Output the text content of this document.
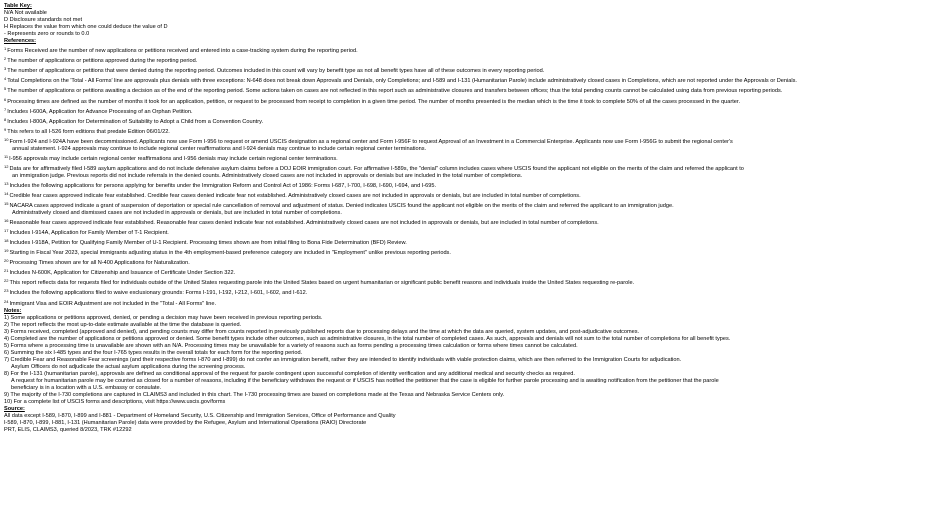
Table Key:
N/A Not available
D Disclosure standards not met
H Replaces the value from which one could deduce the value of D
- Represents zero or rounds to 0.0
References:
$^1$Forms Received are the number of new applications or petitions received and entered into a case-tracking system during the reporting period.
$^2$The number of applications or petitions approved during the reporting period.
$^3$The number of applications or petitions that were denied during the reporting period. Outcomes included in this count will vary by benefit type as not all benefit types have all of these outcomes in every reporting period.
$^4$Total Completions on the 'Total - All Forms' line are approvals plus denials with three exceptions: N-648 does not break down Approvals and Denials, only Completions; and I-589 and I-131 (Humanitarian Parole) include administratively closed cases in Completions, which are not reported under the Approvals or Denials.
$^5$The number of applications or petitions awaiting a decision as of the end of the reporting period. Some actions taken on cases are not reflected in this report such as administrative closures and transfers between offices; thus the total pending counts cannot be calculated using data from previous reporting periods.
$^6$Processing times are defined as the number of months it took for an application, petition, or request to be processed from receipt to completion in a given time period. The number of months presented is the median which is the time it took to complete 50% of all the cases processed in the quarter.
$^7$Includes I-600A, Application for Advance Processing of an Orphan Petition.
$^8$Includes I-800A, Application for Determination of Suitability to Adopt a Child from a Convention Country.
$^9$This refers to all I-526 form editions that predate Edition 06/01/22.
$^{10}$Form I-924 and I-924A have been decommissioned. Applicants now use Form I-956 to request or amend USCIS designation as a regional center and Form I-956F to request Approval of an Investment in a Commercial Enterprise. Applicants now use Form I-956G to submit the regional center's
annual statement. I-924 approvals may continue to include regional center reaffirmations and I-924 denials may continue to include certain regional center terminations.
$^{11}$I-956 approvals may include certain regional center reaffirmations and I-956 denials may include certain regional center terminations.
$^{12}$Data are for affirmatively filed I-589 asylum applications and do not include defensive asylum claims before a DOJ EOIR immigration court. For affirmative I-589s, the "denial" column includes cases where USCIS found the applicant not eligible on the merits of the claim and referred the applicant to
an immigration judge. Previous reports did not include referrals in the denied counts. Administratively closed cases are not included in approvals or denials but are included in the total number of completions.
$^{13}$Includes the following applications for persons applying for benefits under the Immigration Reform and Control Act of 1986: Forms I-687, I-700, I-698, I-690, I-694, and I-695.
$^{14}$Credible fear cases approved indicate fear established. Credible fear cases denied indicate fear not established. Administratively closed cases are not included in approvals or denials, but are included in total number of completions.
$^{15}$NACARA cases approved indicate a grant of suspension of deportation or special rule cancellation of removal and adjustment of status. Denied indicates USCIS found the applicant not eligible on the merits of the claim and referred the applicant to an immigration judge.
Administratively closed and dismissed cases are not included in approvals or denials, but are included in total number of completions.
$^{16}$Reasonable fear cases approved indicate fear established. Reasonable fear cases denied indicate fear not established. Administratively closed cases are not included in approvals or denials, but are included in total number of completions.
$^{17}$Includes I-914A, Application for Family Member of T-1 Recipient.
$^{18}$Includes I-918A, Petition for Qualifying Family Member of U-1 Recipient. Processing times shown are from initial filing to Bona Fide Determination (BFD) Review.
$^{19}$Starting in Fiscal Year 2023, special immigrants adjusting status in the 4th employment-based preference category are included in "Employment" unlike previous reporting periods.
$^{20}$Processing Times shown are for all N-400 Applications for Naturalization.
$^{21}$Includes N-600K, Application for Citizenship and Issuance of Certificate Under Section 322.
$^{22}$This report reflects data for requests filed for individuals outside of the United States requesting parole into the United States based on urgent humanitarian or significant public benefit reasons and individuals inside the United States requesting re-parole.
$^{23}$Includes the following applications filed to waive exclusionary grounds: Forms I-191, I-192, I-212, I-601, I-602, and I-612.
$^{24}$Immigrant Visa and EOIR Adjustment are not included in the "Total - All Forms" line.
Notes:
1) Some applications or petitions approved, denied, or pending a decision may have been received in previous reporting periods.
2) The report reflects the most up-to-date estimate available at the time the database is queried.
3) Forms received, completed (approved and denied), and pending counts may differ from counts reported in previously published reports due to processing delays and the time at which the data are queried, system updates, and post-adjudicative outcomes.
4) Completed are the number of applications or petitions approved or denied. Some benefit types include other outcomes, such as administrative closures, in the total number of completed cases. As such, approvals and denials will not sum to the total number of completions for all benefit types.
5) Forms where a processing time is unavailable are shown with an N/A. Processing times may be unavailable for a variety of reasons such as forms pending a processing times calculation or forms where times cannot be calculated.
6) Summing the six I-485 types and the four I-765 types results in the overall totals for each form for the reporting period.
7) Credible Fear and Reasonable Fear screenings (and their respective forms I-870 and I-899) do not confer an immigration benefit, rather they are intended to identify individuals with viable protection claims, which are then referred to the Immigration Courts for adjudication.
Asylum Officers do not adjudicate the actual asylum applications during the screening process.
8) For the I-131 (humanitarian parole), approvals are defined as conditional approval of the request for parole contingent upon successful completion of identity verification and any additional medical and security checks as required.
A request for humanitarian parole may be counted as closed for a number of reasons, including if the beneficiary withdraws the request or if USCIS has notified the petitioner that the case is eligible for further parole processing and is awaiting notification from the petitioner that the parole
beneficiary is in a location with a U.S. embassy or consulate.
9) The majority of the I-730 completions are captured in CLAIMS3 and included in this chart. The I-730 processing times are based on completions made at the Texas and Nebraska Service Centers only.
10) For a complete list of USCIS forms and descriptions, visit https://www.uscis.gov/forms
Source:
All data except I-589, I-870, I-899 and I-881 - Department of Homeland Security, U.S. Citizenship and Immigration Services, Office of Performance and Quality
I-589, I-870, I-899, I-881, I-131 (Humanitarian Parole) data were provided by the Refugee, Asylum and International Operations (RAIO) Directorate
PRT, ELIS, CLAIMS3, queried 8/2023, TRK #12292
